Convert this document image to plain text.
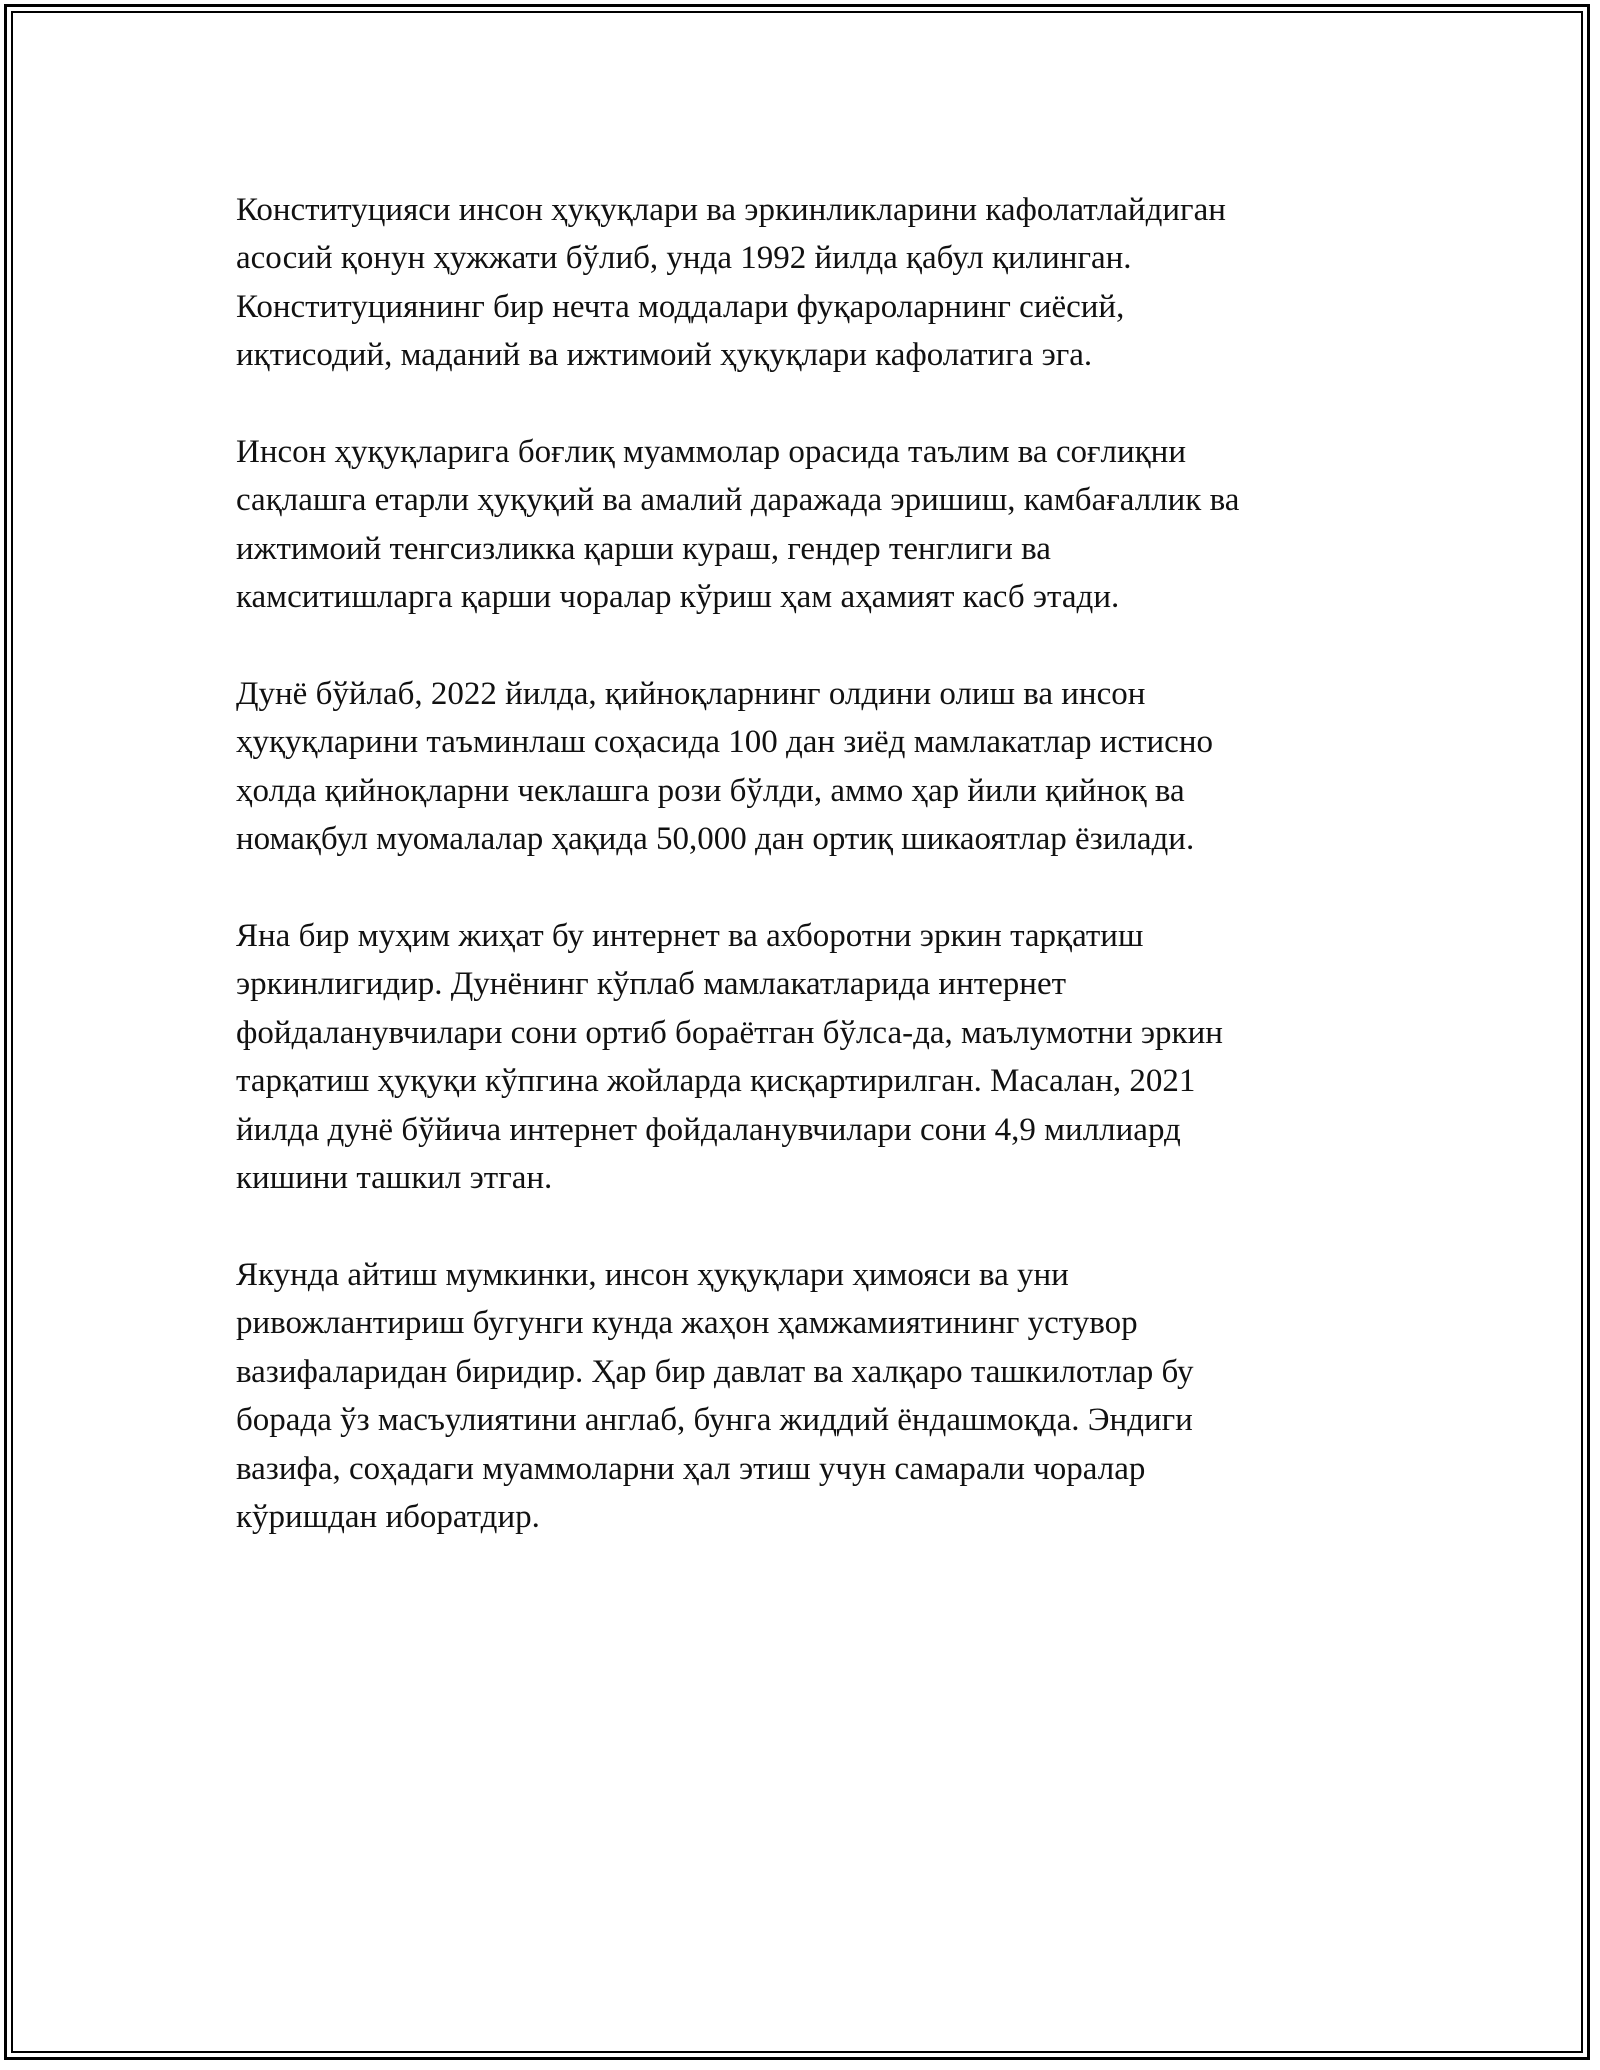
Конституцияси инсон ҳуқуқлари ва эркинликларини кафолатлайдиган
асосий қонун ҳужжати бўлиб, унда 1992 йилда қабул қилинган.
Конституциянинг бир нечта моддалари фуқароларнинг сиёсий,
иқтисодий, маданий ва ижтимоий ҳуқуқлари кафолатига эга.

Инсон ҳуқуқларига боғлиқ муаммолар орасида таълим ва соғлиқни
сақлашга етарли ҳуқуқий ва амалий даражада эришиш, камбағаллик ва
ижтимоий тенгсизликка қарши кураш, гендер тенглиги ва
камситишларга қарши чоралар кўриш ҳам аҳамият касб этади.

Дунё бўйлаб, 2022 йилда, қийноқларнинг олдини олиш ва инсон
ҳуқуқларини таъминлаш соҳасида 100 дан зиёд мамлакатлар истисно
ҳолда қийноқларни чеклашга рози бўлди, аммо ҳар йили қийноқ ва
номақбул муомалалар ҳақида 50,000 дан ортиқ шикаоятлар ёзилади.

Яна бир муҳим жиҳат бу интернет ва ахборотни эркин тарқатиш
эркинлигидир. Дунёнинг кўплаб мамлакатларида интернет
фойдаланувчилари сони ортиб бораётган бўлса-да, маълумотни эркин
тарқатиш ҳуқуқи кўпгина жойларда қисқартирилган. Масалан, 2021
йилда дунё бўйича интернет фойдаланувчилари сони 4,9 миллиард
кишини ташкил этган.

Якунда айтиш мумкинки, инсон ҳуқуқлари ҳимояси ва уни
ривожлантириш бугунги кунда жаҳон ҳамжамиятининг устувор
вазифаларидан биридир. Ҳар бир давлат ва халқаро ташкилотлар бу
борада ўз масъулиятини англаб, бунга жиддий ёндашмоқда. Эндиги
вазифа, соҳадаги муаммоларни ҳал этиш учун самарали чоралар
кўришдан иборатдир.
